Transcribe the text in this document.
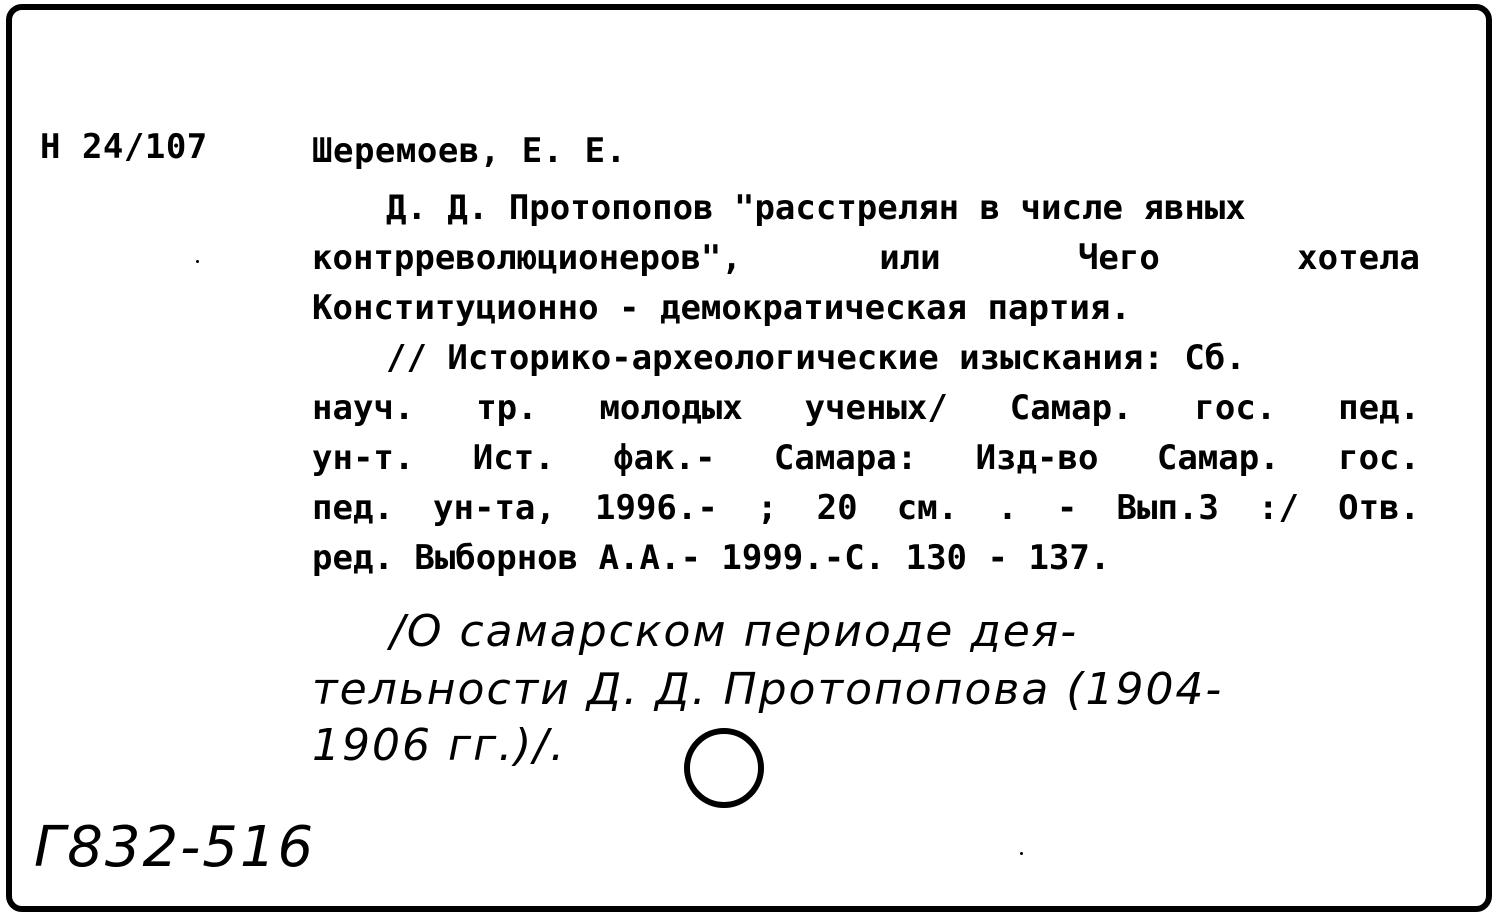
Н 24/107	Шеремоев, Е. Е.
Д. Д. Протопопов "расстрелян в числе явных
контрреволюционеров", или Чего хотела
Конституционно - демократическая партия.
// Историко-археологические изыскания: Сб.
науч. тр. молодых ученых/ Самар. гос. пед.
ун-т. Ист. фак.- Самара: Изд-во Самар. гос.
пед. ун-та, 1996.- ; 20 см. . - Вып.3 :/ Отв.
ред. Выборнов А.А.- 1999.-С. 130 - 137.
/О самарском периоде дея-
тельности Д. Д. Протопопова (1904-
1906 гг.)/.
Г832-516
